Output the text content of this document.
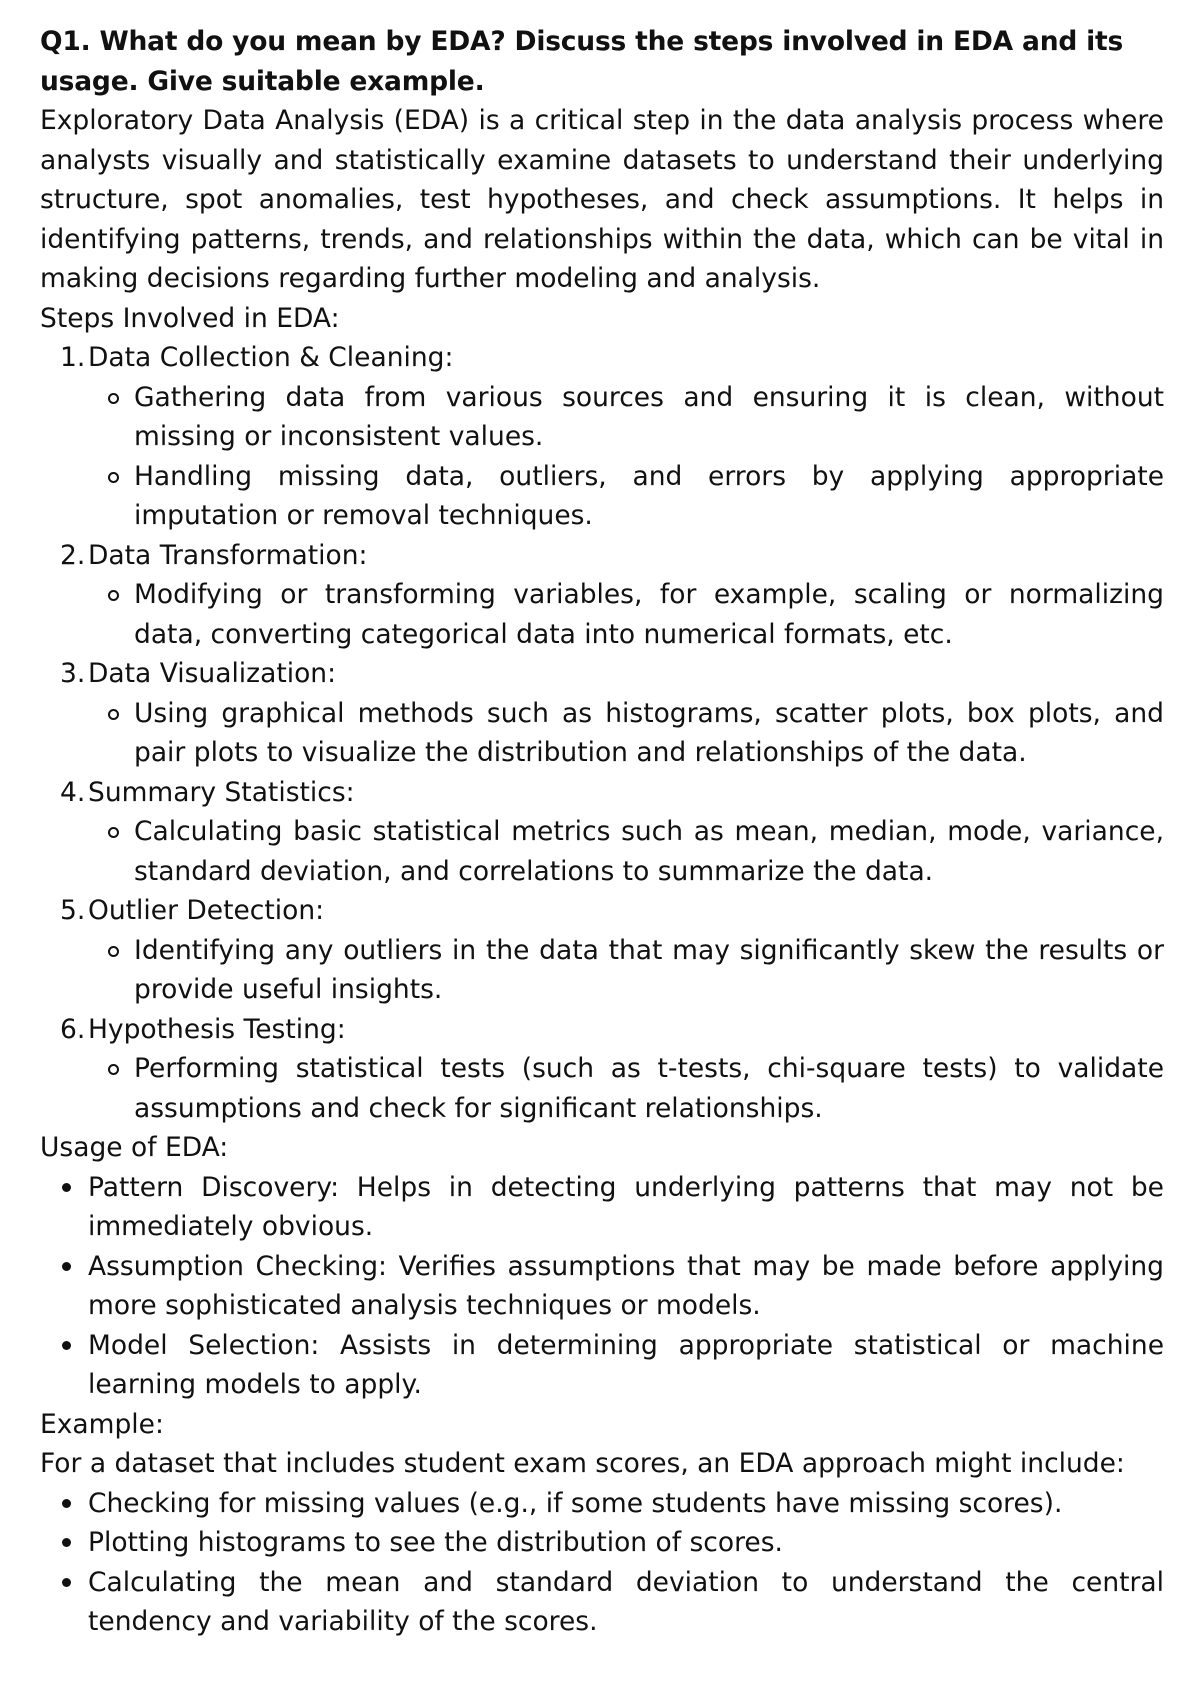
Q1. What do you mean by EDA? Discuss the steps involved in EDA and its usage. Give suitable example.

Exploratory Data Analysis (EDA) is a critical step in the data analysis process where analysts visually and statistically examine datasets to understand their underlying structure, spot anomalies, test hypotheses, and check assumptions. It helps in identifying patterns, trends, and relationships within the data, which can be vital in making decisions regarding further modeling and analysis.

Steps Involved in EDA:

1. Data Collection & Cleaning:
Gathering data from various sources and ensuring it is clean, without missing or inconsistent values.
Handling missing data, outliers, and errors by applying appropriate imputation or removal techniques.
2. Data Transformation:
Modifying or transforming variables, for example, scaling or normalizing data, converting categorical data into numerical formats, etc.
3. Data Visualization:
Using graphical methods such as histograms, scatter plots, box plots, and pair plots to visualize the distribution and relationships of the data.
4. Summary Statistics:
Calculating basic statistical metrics such as mean, median, mode, variance, standard deviation, and correlations to summarize the data.
5. Outlier Detection:
Identifying any outliers in the data that may significantly skew the results or provide useful insights.
6. Hypothesis Testing:
Performing statistical tests (such as t-tests, chi-square tests) to validate assumptions and check for significant relationships.

Usage of EDA:

Pattern Discovery: Helps in detecting underlying patterns that may not be immediately obvious.
Assumption Checking: Verifies assumptions that may be made before applying more sophisticated analysis techniques or models.
Model Selection: Assists in determining appropriate statistical or machine learning models to apply.

Example:

For a dataset that includes student exam scores, an EDA approach might include:

Checking for missing values (e.g., if some students have missing scores).
Plotting histograms to see the distribution of scores.
Calculating the mean and standard deviation to understand the central tendency and variability of the scores.
